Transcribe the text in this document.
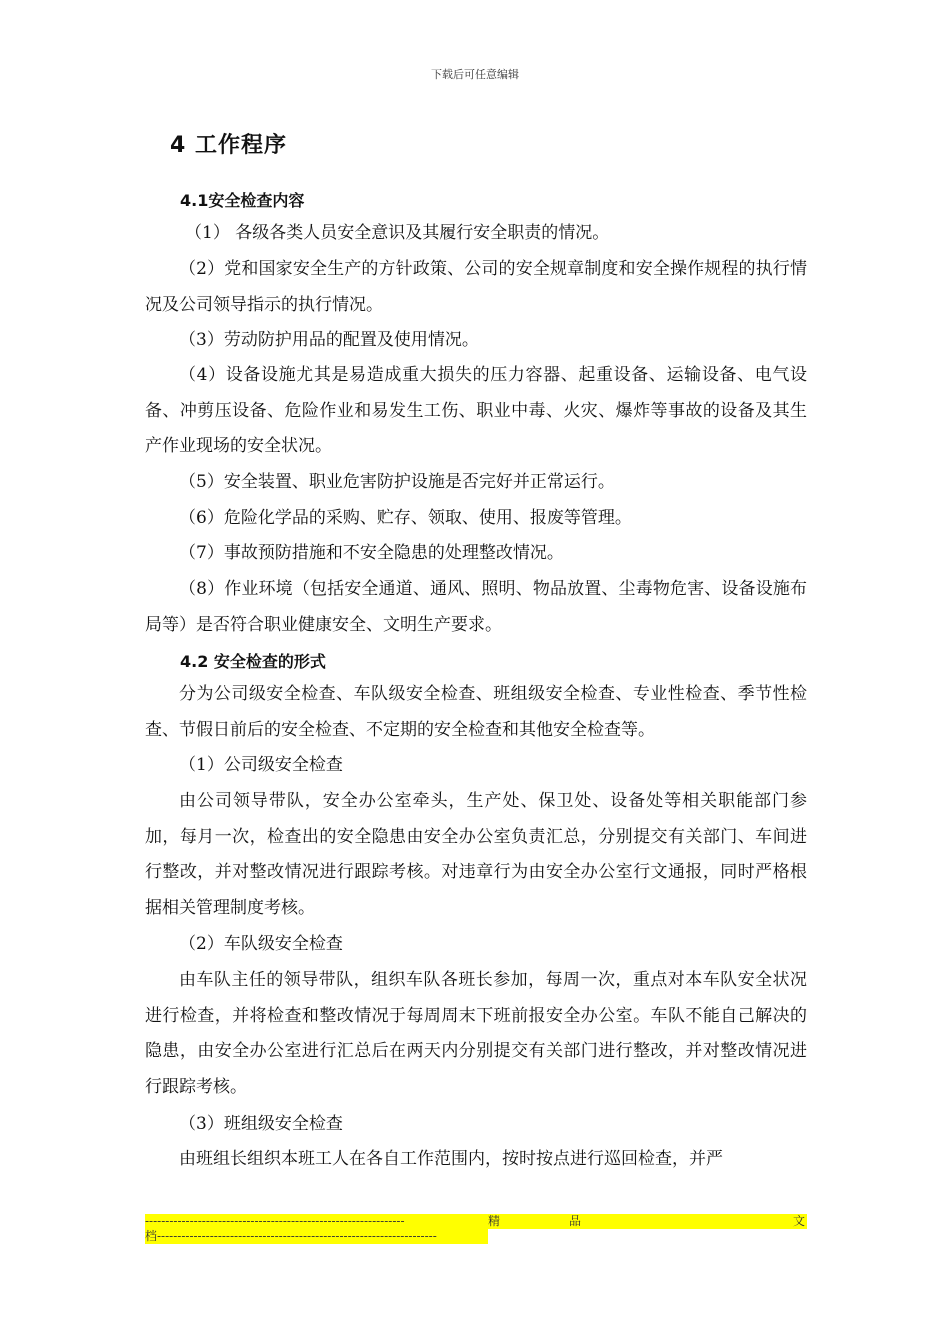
下载后可任意编辑
4 工作程序
4.1安全检查内容

（1） 各级各类人员安全意识及其履行安全职责的情况。

（2）党和国家安全生产的方针政策、公司的安全规章制度和安全操作规程的执行情况及公司领导指示的执行情况。

（3）劳动防护用品的配置及使用情况。

（4）设备设施尤其是易造成重大损失的压力容器、起重设备、运输设备、电气设备、冲剪压设备、危险作业和易发生工伤、职业中毒、火灾、爆炸等事故的设备及其生产作业现场的安全状况。

（5）安全装置、职业危害防护设施是否完好并正常运行。

（6）危险化学品的采购、贮存、领取、使用、报废等管理。

（7）事故预防措施和不安全隐患的处理整改情况。

（8）作业环境（包括安全通道、通风、照明、物品放置、尘毒物危害、设备设施布局等）是否符合职业健康安全、文明生产要求。

4.2 安全检查的形式

分为公司级安全检查、车队级安全检查、班组级安全检查、专业性检查、季节性检查、节假日前后的安全检查、不定期的安全检查和其他安全检查等。

（1）公司级安全检查

由公司领导带队，安全办公室牵头，生产处、保卫处、设备处等相关职能部门参加，每月一次，检查出的安全隐患由安全办公室负责汇总，分别提交有关部门、车间进行整改，并对整改情况进行跟踪考核。对违章行为由安全办公室行文通报，同时严格根据相关管理制度考核。

（2）车队级安全检查

由车队主任的领导带队，组织车队各班长参加，每周一次，重点对本车队安全状况进行检查，并将检查和整改情况于每周周末下班前报安全办公室。车队不能自己解决的隐患，由安全办公室进行汇总后在两天内分别提交有关部门进行整改，并对整改情况进行跟踪考核。

（3）班组级安全检查

由班组长组织本班工人在各自工作范围内，按时按点进行巡回检查，并严

----------------------------------------------------------------	精	品	文
档---------------------------------------------------------------------
